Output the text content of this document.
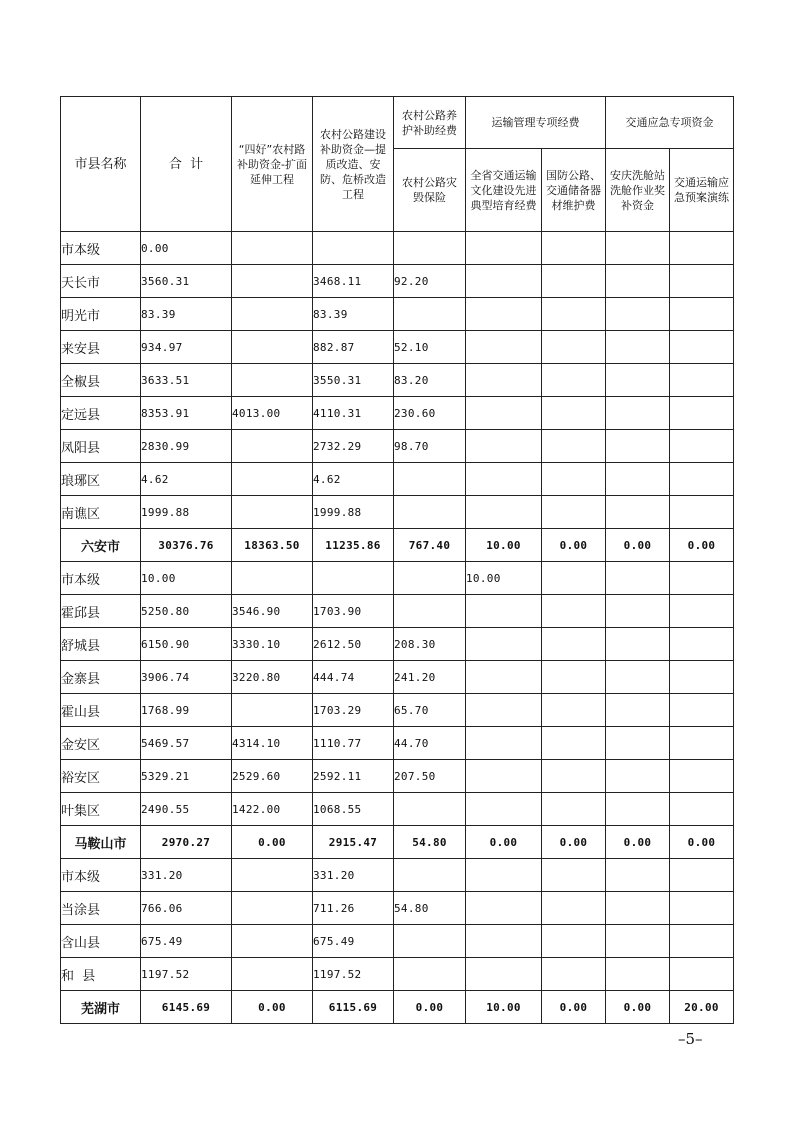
市县名称	合  计	“四好”农村路补助资金-扩面延伸工程	农村公路建设补助资金—提质改造、安防、危桥改造工程	农村公路养护补助经费	运输管理专项经费		交通应急专项资金	
				农村公路灾毁保险	全省交通运输文化建设先进典型培育经费	国防公路、交通储备器材维护费	安庆洗舱站洗舱作业奖补资金	交通运输应急预案演练
市本级	0.00							
天长市	3560.31		3468.11	92.20				
明光市	83.39		83.39					
来安县	934.97		882.87	52.10				
全椒县	3633.51		3550.31	83.20				
定远县	8353.91	4013.00	4110.31	230.60				
凤阳县	2830.99		2732.29	98.70				
琅琊区	4.62		4.62					
南谯区	1999.88		1999.88					
六安市	30376.76	18363.50	11235.86	767.40	10.00	0.00	0.00	0.00
市本级	10.00				10.00			
霍邱县	5250.80	3546.90	1703.90					
舒城县	6150.90	3330.10	2612.50	208.30				
金寨县	3906.74	3220.80	444.74	241.20				
霍山县	1768.99		1703.29	65.70				
金安区	5469.57	4314.10	1110.77	44.70				
裕安区	5329.21	2529.60	2592.11	207.50				
叶集区	2490.55	1422.00	1068.55					
马鞍山市	2970.27	0.00	2915.47	54.80	0.00	0.00	0.00	0.00
市本级	331.20		331.20					
当涂县	766.06		711.26	54.80				
含山县	675.49		675.49					
和  县	1197.52		1197.52					
芜湖市	6145.69	0.00	6115.69	0.00	10.00	0.00	0.00	20.00
–5–
